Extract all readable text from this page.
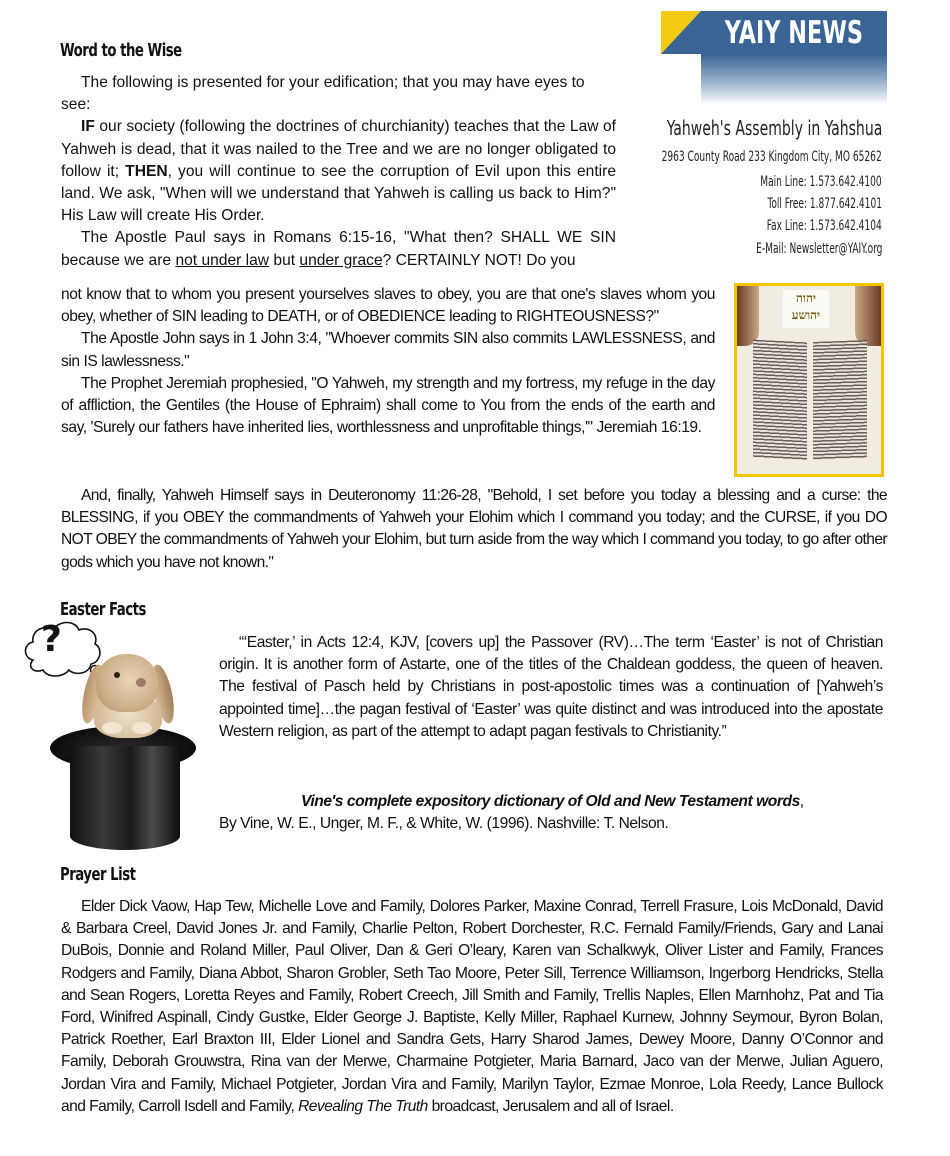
YAIY NEWS
Yahweh's Assembly in Yahshua
2963 County Road 233 Kingdom City, MO 65262
Main Line: 1.573.642.4100
Toll Free: 1.877.642.4101
Fax Line: 1.573.642.4104
E-Mail: Newsletter@YAIY.org
Word to the Wise

The following is presented for your edification; that you may have eyes to see:

IF our society (following the doctrines of churchianity) teaches that the Law of Yahweh is dead, that it was nailed to the Tree and we are no longer obligated to follow it; THEN, you will continue to see the corruption of Evil upon this entire land. We ask, "When will we understand that Yahweh is calling us back to Him?" His Law will create His Order.

The Apostle Paul says in Romans 6:15-16, "What then? SHALL WE SIN because we are not under law but under grace? CERTAINLY NOT! Do you

not know that to whom you present yourselves slaves to obey, you are that one's slaves whom you obey, whether of SIN leading to DEATH, or of OBEDIENCE leading to RIGHTEOUSNESS?"

The Apostle John says in 1 John 3:4, "Whoever commits SIN also commits LAWLESSNESS, and sin IS lawlessness."

The Prophet Jeremiah prophesied, "O Yahweh, my strength and my fortress, my refuge in the day of affliction, the Gentiles (the House of Ephraim) shall come to You from the ends of the earth and say, 'Surely our fathers have inherited lies, worthlessness and unprofitable things,'" Jeremiah 16:19.

And, finally, Yahweh Himself says in Deuteronomy 11:26-28, "Behold, I set before you today a blessing and a curse: the BLESSING, if you OBEY the commandments of Yahweh your Elohim which I command you today; and the CURSE, if you DO NOT OBEY the commandments of Yahweh your Elohim, but turn aside from the way which I command you today, to go after other gods which you have not known."

יהוה
יהושע
Easter Facts
?	“‘Easter,’ in Acts 12:4, KJV, [covers up] the Passover (RV)…The term ‘Easter’ is not of Christian origin. It is another form of Astarte, one of the titles of the Chaldean goddess, the queen of heaven. The festival of Pasch held by Christians in post-apostolic times was a continuation of [Yahweh’s appointed time]…the pagan festival of ‘Easter’ was quite distinct and was introduced into the apostate Western religion, as part of the attempt to adapt pagan festivals to Christianity.”

Vine's complete expository dictionary of Old and New Testament words,

By Vine, W. E., Unger, M. F., & White, W. (1996). Nashville: T. Nelson.

Prayer List

Elder Dick Vaow, Hap Tew, Michelle Love and Family, Dolores Parker, Maxine Conrad, Terrell Frasure, Lois McDonald, David & Barbara Creel, David Jones Jr. and Family, Charlie Pelton, Robert Dorchester, R.C. Fernald Family/Friends, Gary and Lanai DuBois, Donnie and Roland Miller, Paul Oliver, Dan & Geri O’leary, Karen van Schalkwyk, Oliver Lister and Family, Frances Rodgers and Family, Diana Abbot, Sharon Grobler, Seth Tao Moore, Peter Sill, Terrence Williamson, Ingerborg Hendricks, Stella and Sean Rogers, Loretta Reyes and Family, Robert Creech, Jill Smith and Family, Trellis Naples, Ellen Marnhohz, Pat and Tia Ford, Winifred Aspinall, Cindy Gustke, Elder George J. Baptiste, Kelly Miller, Raphael Kurnew, Johnny Seymour, Byron Bolan, Patrick Roether, Earl Braxton III, Elder Lionel and Sandra Gets, Harry Sharod James, Dewey Moore, Danny O’Connor and Family, Deborah Grouwstra, Rina van der Merwe, Charmaine Potgieter, Maria Barnard, Jaco van der Merwe, Julian Aguero, Jordan Vira and Family, Michael Potgieter, Jordan Vira and Family, Marilyn Taylor, Ezmae Monroe, Lola Reedy, Lance Bullock and Family, Carroll Isdell and Family, Revealing The Truth broadcast, Jerusalem and all of Israel.
